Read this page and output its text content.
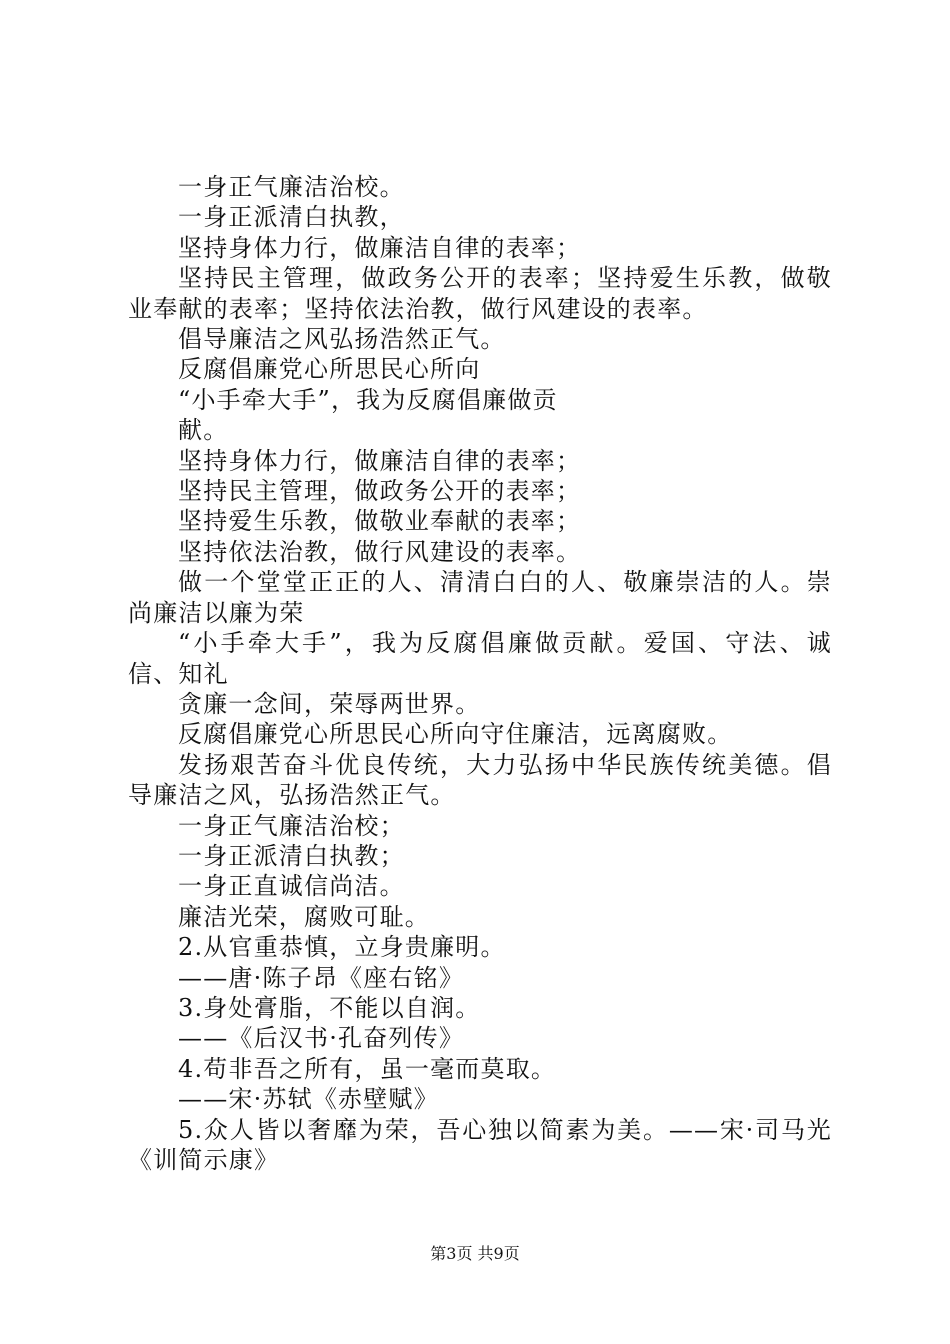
一身正气廉洁治校。

一身正派清白执教，

坚持身体力行，做廉洁自律的表率；

坚持民主管理，做政务公开的表率；坚持爱生乐教，做敬业奉献的表率；坚持依法治教，做行风建设的表率。

倡导廉洁之风弘扬浩然正气。

反腐倡廉党心所思民心所向

“小手牵大手”，我为反腐倡廉做贡

献。

坚持身体力行，做廉洁自律的表率；

坚持民主管理，做政务公开的表率；

坚持爱生乐教，做敬业奉献的表率；

坚持依法治教，做行风建设的表率。

做一个堂堂正正的人、清清白白的人、敬廉崇洁的人。崇尚廉洁以廉为荣

“小手牵大手”，我为反腐倡廉做贡献。爱国、守法、诚信、知礼

贪廉一念间，荣辱两世界。

反腐倡廉党心所思民心所向守住廉洁，远离腐败。

发扬艰苦奋斗优良传统，大力弘扬中华民族传统美德。倡导廉洁之风，弘扬浩然正气。

一身正气廉洁治校；

一身正派清白执教；

一身正直诚信尚洁。

廉洁光荣，腐败可耻。

2.从官重恭慎，立身贵廉明。

——唐·陈子昂《座右铭》

3.身处膏脂，不能以自润。

——《后汉书·孔奋列传》

4.苟非吾之所有，虽一毫而莫取。

——宋·苏轼《赤壁赋》

5.众人皆以奢靡为荣，吾心独以简素为美。——宋·司马光《训简示康》

第3页 共9页
